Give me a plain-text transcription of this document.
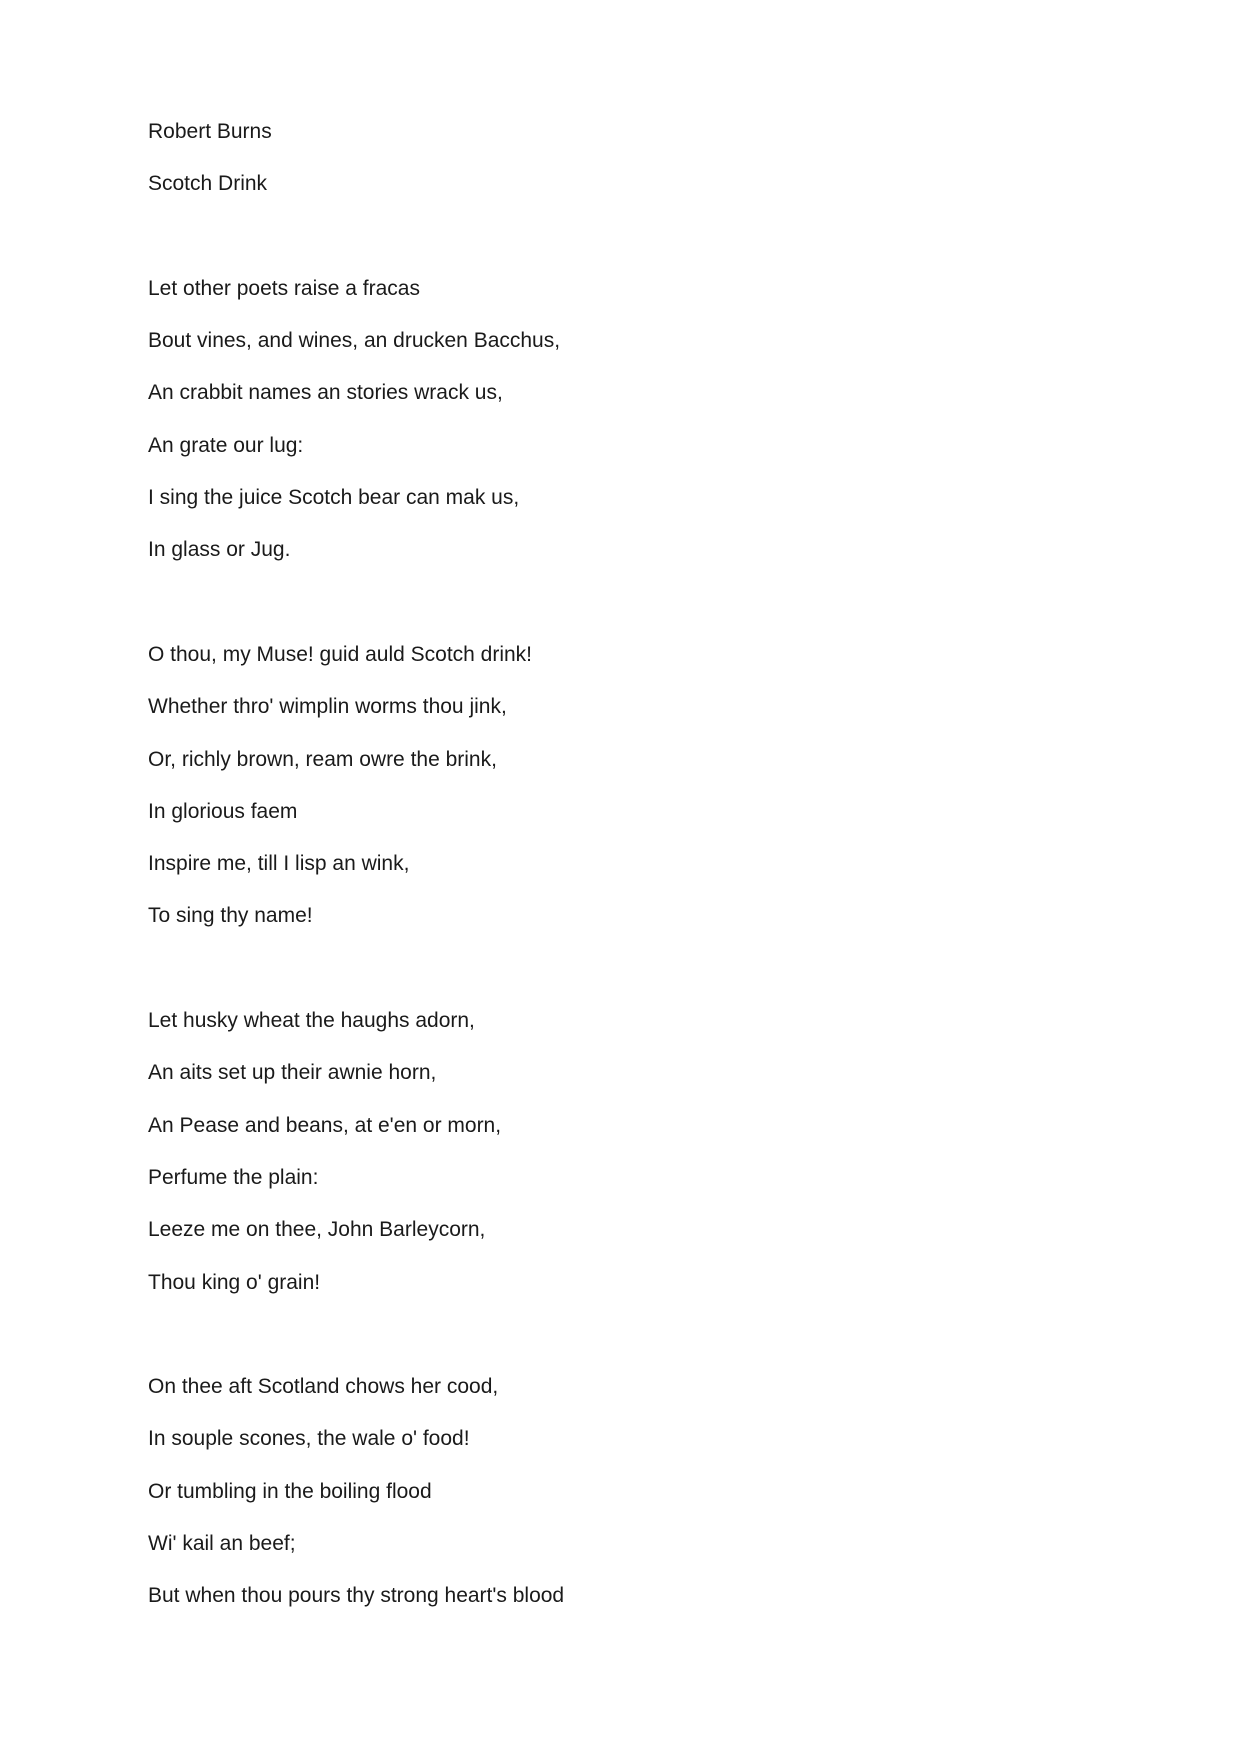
Robert Burns
Scotch Drink
Let other poets raise a fracas
Bout vines, and wines, an drucken Bacchus,
An crabbit names an stories wrack us,
An grate our lug:
I sing the juice Scotch bear can mak us,
In glass or Jug.
O thou, my Muse! guid auld Scotch drink!
Whether thro' wimplin worms thou jink,
Or, richly brown, ream owre the brink,
In glorious faem
Inspire me, till I lisp an wink,
To sing thy name!
Let husky wheat the haughs adorn,
An aits set up their awnie horn,
An Pease and beans, at e'en or morn,
Perfume the plain:
Leeze me on thee, John Barleycorn,
Thou king o' grain!
On thee aft Scotland chows her cood,
In souple scones, the wale o' food!
Or tumbling in the boiling flood
Wi' kail an beef;
But when thou pours thy strong heart's blood
